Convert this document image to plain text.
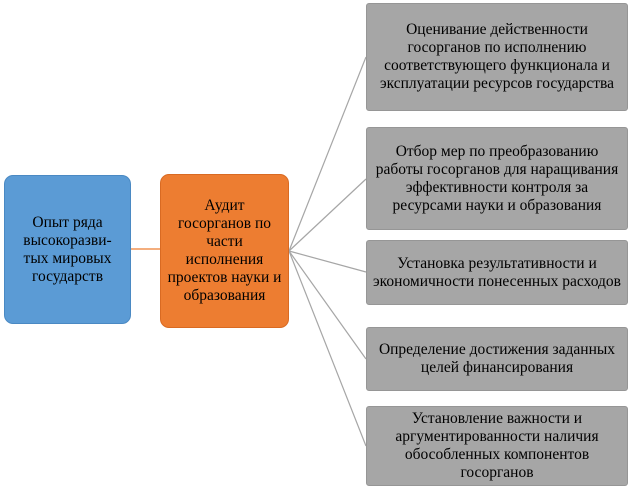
Опыт ряда высокоразви-тых мировых государств
Аудит госорганов по части исполнения проектов науки и образования
Оценивание действенности госорганов по исполнению соответствующего функционала и эксплуатации ресурсов государства
Отбор мер по преобразованию работы госорганов для наращивания эффективности контроля за ресурсами науки и образования
Установка результативности и экономичности понесенных расходов
Определение достижения заданных целей финансирования
Установление важности и аргументированности наличия обособленных компонентов госорганов
